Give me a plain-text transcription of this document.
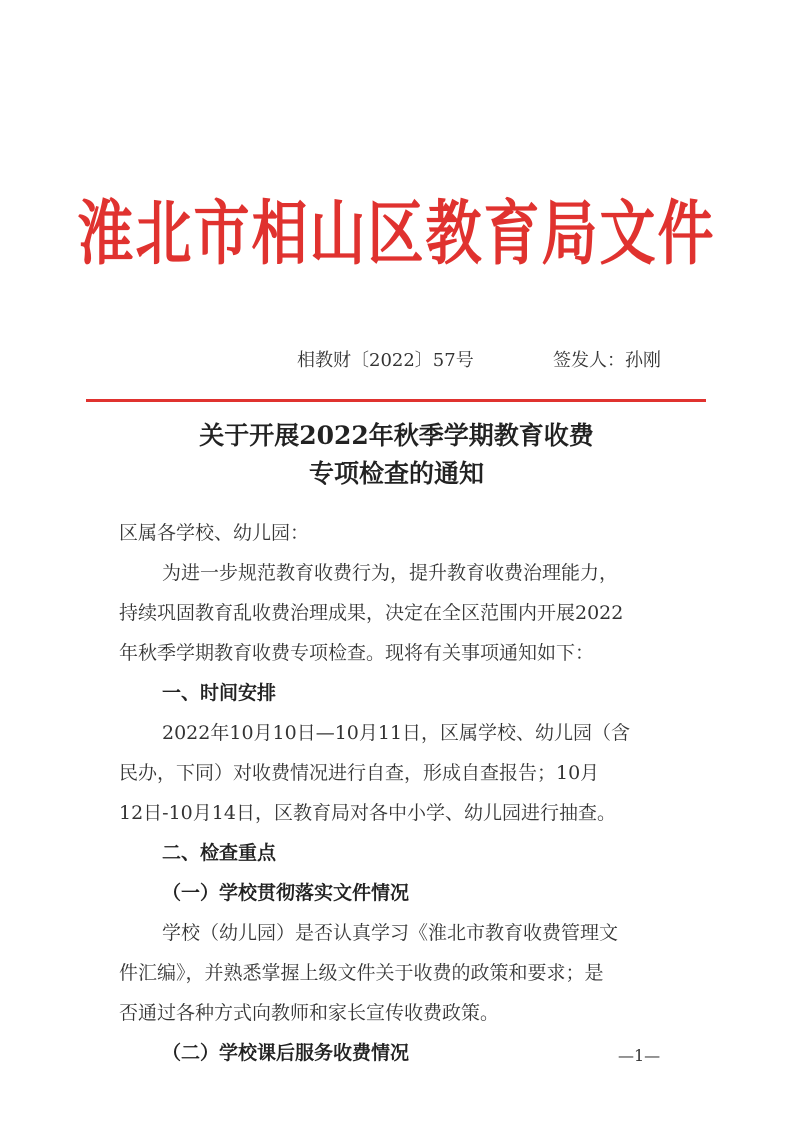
淮北市相山区教育局文件
相教财〔2022〕57号	签发人：孙刚
关于开展2022年秋季学期教育收费
专项检查的通知
区属各学校、幼儿园：
为进一步规范教育收费行为，提升教育收费治理能力，
持续巩固教育乱收费治理成果，决定在全区范围内开展2022
年秋季学期教育收费专项检查。现将有关事项通知如下：
一、时间安排
2022年10月10日—10月11日，区属学校、幼儿园（含
民办，下同）对收费情况进行自查，形成自查报告；10月
12日-10月14日，区教育局对各中小学、幼儿园进行抽查。
二、检查重点
（一）学校贯彻落实文件情况
学校（幼儿园）是否认真学习《淮北市教育收费管理文
件汇编》，并熟悉掌握上级文件关于收费的政策和要求；是
否通过各种方式向教师和家长宣传收费政策。
（二）学校课后服务收费情况	—1—
